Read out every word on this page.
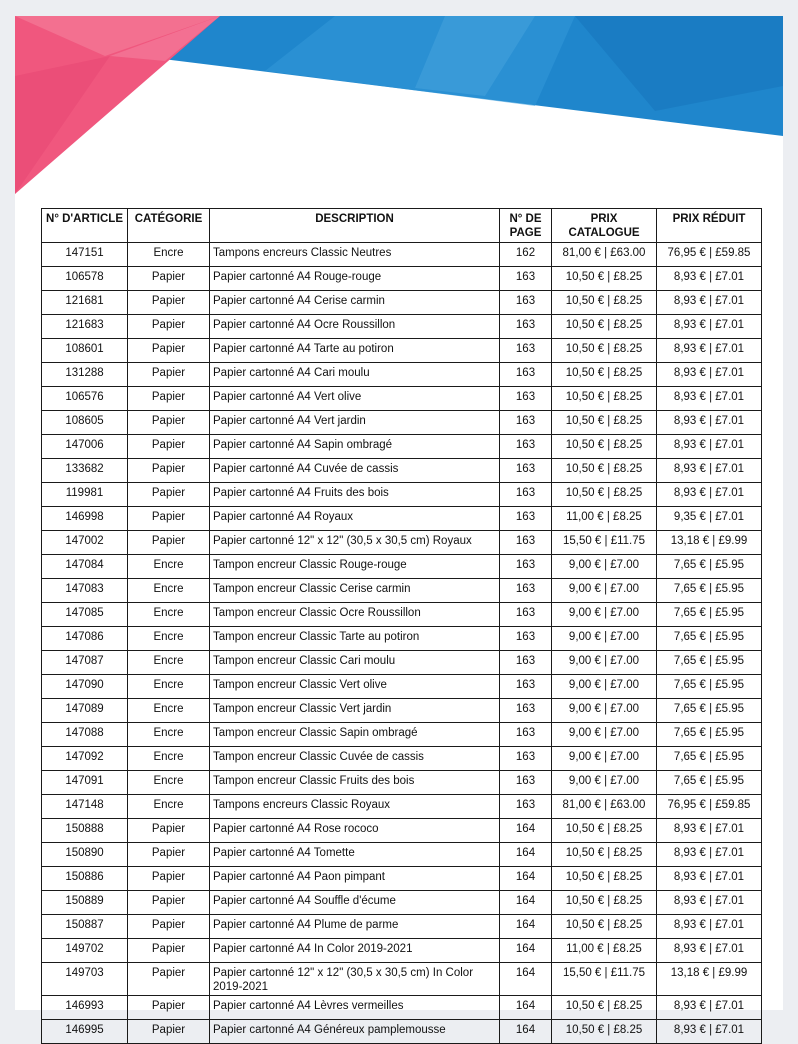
N° D'ARTICLE	CATÉGORIE	DESCRIPTION	N° DE PAGE	PRIX CATALOGUE	PRIX RÉDUIT
147151	Encre	Tampons encreurs Classic Neutres	162	81,00 € | £63.00	76,95 € | £59.85
106578	Papier	Papier cartonné A4 Rouge-rouge	163	10,50 € | £8.25	8,93 € | £7.01
121681	Papier	Papier cartonné A4 Cerise carmin	163	10,50 € | £8.25	8,93 € | £7.01
121683	Papier	Papier cartonné A4 Ocre Roussillon	163	10,50 € | £8.25	8,93 € | £7.01
108601	Papier	Papier cartonné A4 Tarte au potiron	163	10,50 € | £8.25	8,93 € | £7.01
131288	Papier	Papier cartonné A4 Cari moulu	163	10,50 € | £8.25	8,93 € | £7.01
106576	Papier	Papier cartonné A4 Vert olive	163	10,50 € | £8.25	8,93 € | £7.01
108605	Papier	Papier cartonné A4 Vert jardin	163	10,50 € | £8.25	8,93 € | £7.01
147006	Papier	Papier cartonné A4 Sapin ombragé	163	10,50 € | £8.25	8,93 € | £7.01
133682	Papier	Papier cartonné A4 Cuvée de cassis	163	10,50 € | £8.25	8,93 € | £7.01
119981	Papier	Papier cartonné A4 Fruits des bois	163	10,50 € | £8.25	8,93 € | £7.01
146998	Papier	Papier cartonné A4 Royaux	163	11,00 € | £8.25	9,35 € | £7.01
147002	Papier	Papier cartonné 12" x 12" (30,5 x 30,5 cm) Royaux	163	15,50 € | £11.75	13,18 € | £9.99
147084	Encre	Tampon encreur Classic Rouge-rouge	163	9,00 € | £7.00	7,65 € | £5.95
147083	Encre	Tampon encreur Classic Cerise carmin	163	9,00 € | £7.00	7,65 € | £5.95
147085	Encre	Tampon encreur Classic Ocre Roussillon	163	9,00 € | £7.00	7,65 € | £5.95
147086	Encre	Tampon encreur Classic Tarte au potiron	163	9,00 € | £7.00	7,65 € | £5.95
147087	Encre	Tampon encreur Classic Cari moulu	163	9,00 € | £7.00	7,65 € | £5.95
147090	Encre	Tampon encreur Classic Vert olive	163	9,00 € | £7.00	7,65 € | £5.95
147089	Encre	Tampon encreur Classic Vert jardin	163	9,00 € | £7.00	7,65 € | £5.95
147088	Encre	Tampon encreur Classic Sapin ombragé	163	9,00 € | £7.00	7,65 € | £5.95
147092	Encre	Tampon encreur Classic Cuvée de cassis	163	9,00 € | £7.00	7,65 € | £5.95
147091	Encre	Tampon encreur Classic Fruits des bois	163	9,00 € | £7.00	7,65 € | £5.95
147148	Encre	Tampons encreurs Classic Royaux	163	81,00 € | £63.00	76,95 € | £59.85
150888	Papier	Papier cartonné A4 Rose rococo	164	10,50 € | £8.25	8,93 € | £7.01
150890	Papier	Papier cartonné A4 Tomette	164	10,50 € | £8.25	8,93 € | £7.01
150886	Papier	Papier cartonné A4 Paon pimpant	164	10,50 € | £8.25	8,93 € | £7.01
150889	Papier	Papier cartonné A4 Souffle d'écume	164	10,50 € | £8.25	8,93 € | £7.01
150887	Papier	Papier cartonné A4 Plume de parme	164	10,50 € | £8.25	8,93 € | £7.01
149702	Papier	Papier cartonné A4 In Color 2019-2021	164	11,00 € | £8.25	8,93 € | £7.01
149703	Papier	Papier cartonné 12" x 12" (30,5 x 30,5 cm) In Color 2019-2021	164	15,50 € | £11.75	13,18 € | £9.99
146993	Papier	Papier cartonné A4 Lèvres vermeilles	164	10,50 € | £8.25	8,93 € | £7.01
146995	Papier	Papier cartonné A4 Généreux pamplemousse	164	10,50 € | £8.25	8,93 € | £7.01
